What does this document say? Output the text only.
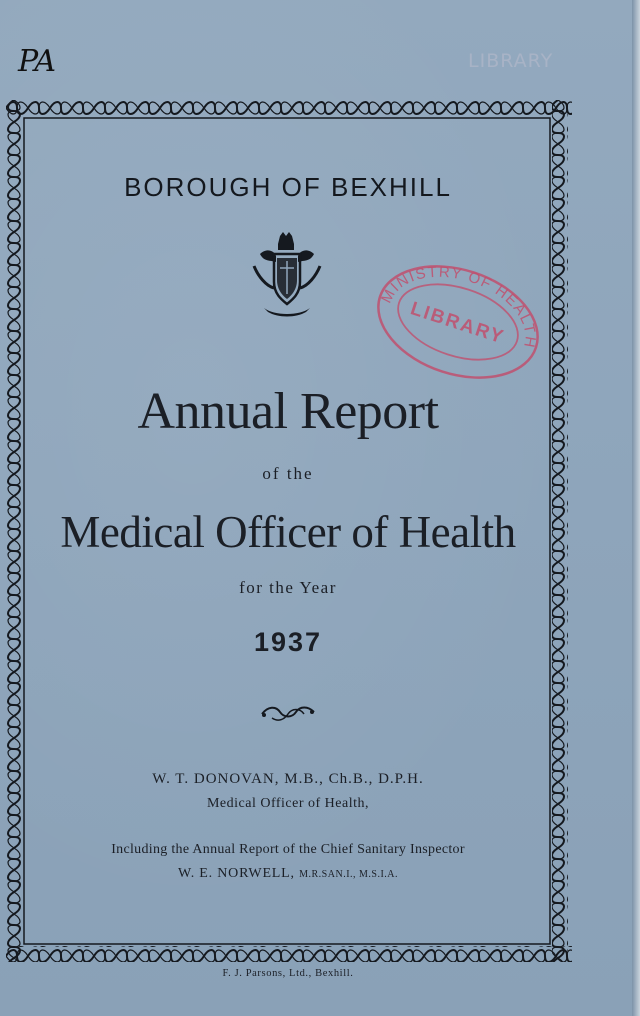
PA	LIBRARY
BOROUGH OF BEXHILL
MINISTRY OF HEALTH
LIBRARY
Annual Report
of the
Medical Officer of Health
for the Year
1937
W. T. DONOVAN, M.B., Ch.B., D.P.H.
Medical Officer of Health,
Including the Annual Report of the Chief Sanitary Inspector
W. E. NORWELL, M.R.SAN.I., M.S.I.A.
F. J. Parsons, Ltd., Bexhill.
